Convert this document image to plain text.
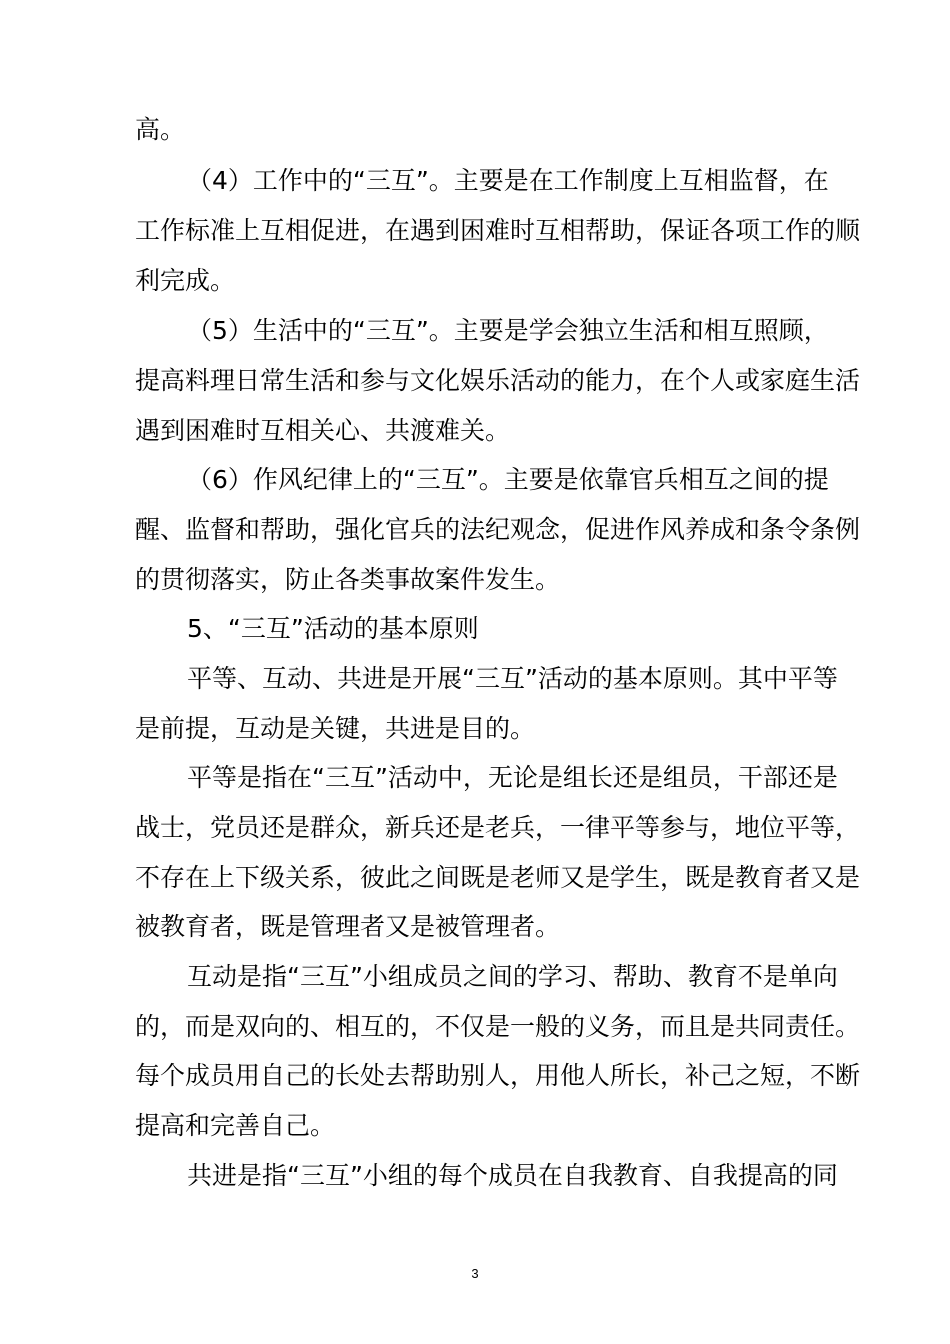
高。
（4）工作中的“三互”。主要是在工作制度上互相监督，在
工作标准上互相促进，在遇到困难时互相帮助，保证各项工作的顺
利完成。
（5）生活中的“三互”。主要是学会独立生活和相互照顾，
提高料理日常生活和参与文化娱乐活动的能力，在个人或家庭生活
遇到困难时互相关心、共渡难关。
（6）作风纪律上的“三互”。主要是依靠官兵相互之间的提
醒、监督和帮助，强化官兵的法纪观念，促进作风养成和条令条例
的贯彻落实，防止各类事故案件发生。
5、“三互”活动的基本原则
平等、互动、共进是开展“三互”活动的基本原则。其中平等
是前提，互动是关键，共进是目的。
平等是指在“三互”活动中，无论是组长还是组员，干部还是
战士，党员还是群众，新兵还是老兵，一律平等参与，地位平等，
不存在上下级关系，彼此之间既是老师又是学生，既是教育者又是
被教育者，既是管理者又是被管理者。
互动是指“三互”小组成员之间的学习、帮助、教育不是单向
的，而是双向的、相互的，不仅是一般的义务，而且是共同责任。
每个成员用自己的长处去帮助别人，用他人所长，补己之短，不断
提高和完善自己。
共进是指“三互”小组的每个成员在自我教育、自我提高的同
3
